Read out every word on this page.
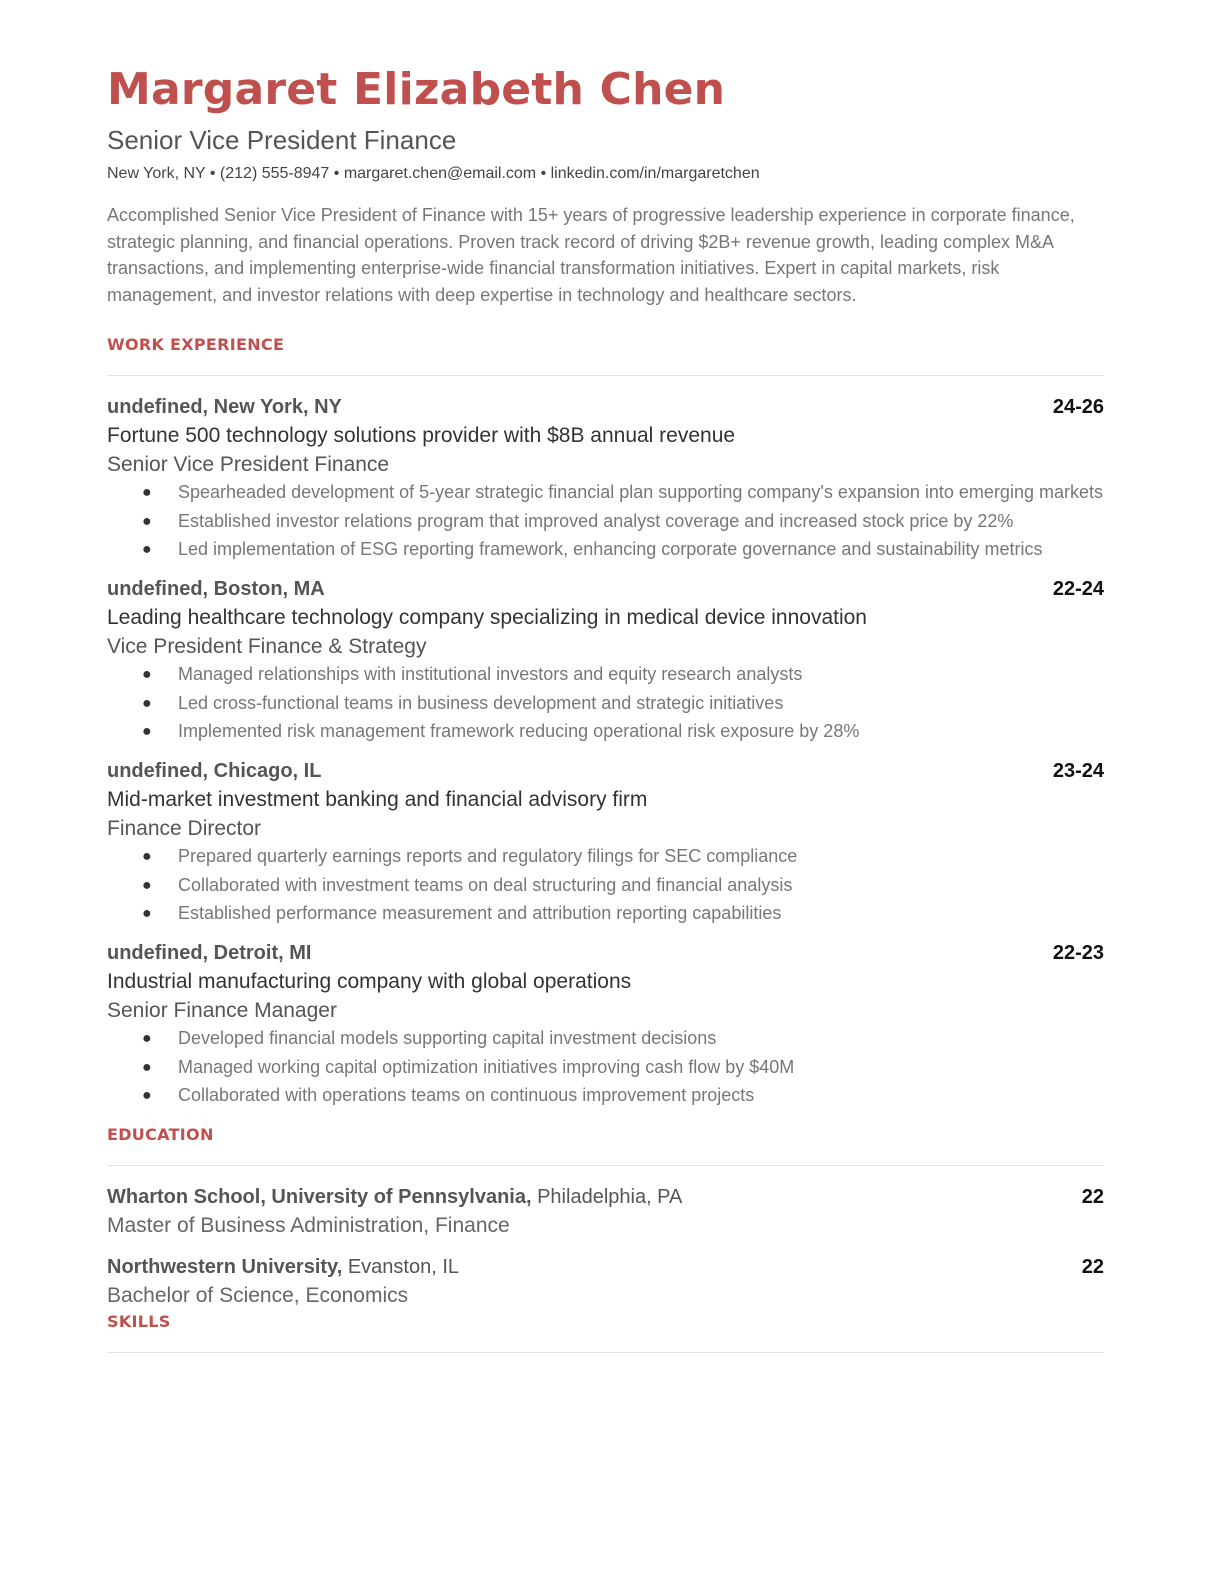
Margaret Elizabeth Chen
Senior Vice President Finance
New York, NY • (212) 555-8947 • margaret.chen@email.com • linkedin.com/in/margaretchen
Accomplished Senior Vice President of Finance with 15+ years of progressive leadership experience in corporate finance, strategic planning, and financial operations. Proven track record of driving $2B+ revenue growth, leading complex M&A transactions, and implementing enterprise-wide financial transformation initiatives. Expert in capital markets, risk management, and investor relations with deep expertise in technology and healthcare sectors.
WORK EXPERIENCE
undefined, New York, NY	24-26
Fortune 500 technology solutions provider with $8B annual revenue
Senior Vice President Finance
● Spearheaded development of 5-year strategic financial plan supporting company's expansion into emerging markets
● Established investor relations program that improved analyst coverage and increased stock price by 22%
● Led implementation of ESG reporting framework, enhancing corporate governance and sustainability metrics
undefined, Boston, MA	22-24
Leading healthcare technology company specializing in medical device innovation
Vice President Finance & Strategy
● Managed relationships with institutional investors and equity research analysts
● Led cross-functional teams in business development and strategic initiatives
● Implemented risk management framework reducing operational risk exposure by 28%
undefined, Chicago, IL	23-24
Mid-market investment banking and financial advisory firm
Finance Director
● Prepared quarterly earnings reports and regulatory filings for SEC compliance
● Collaborated with investment teams on deal structuring and financial analysis
● Established performance measurement and attribution reporting capabilities
undefined, Detroit, MI	22-23
Industrial manufacturing company with global operations
Senior Finance Manager
● Developed financial models supporting capital investment decisions
● Managed working capital optimization initiatives improving cash flow by $40M
● Collaborated with operations teams on continuous improvement projects
EDUCATION
Wharton School, University of Pennsylvania, Philadelphia, PA	22
Master of Business Administration, Finance
Northwestern University, Evanston, IL	22
Bachelor of Science, Economics
SKILLS
